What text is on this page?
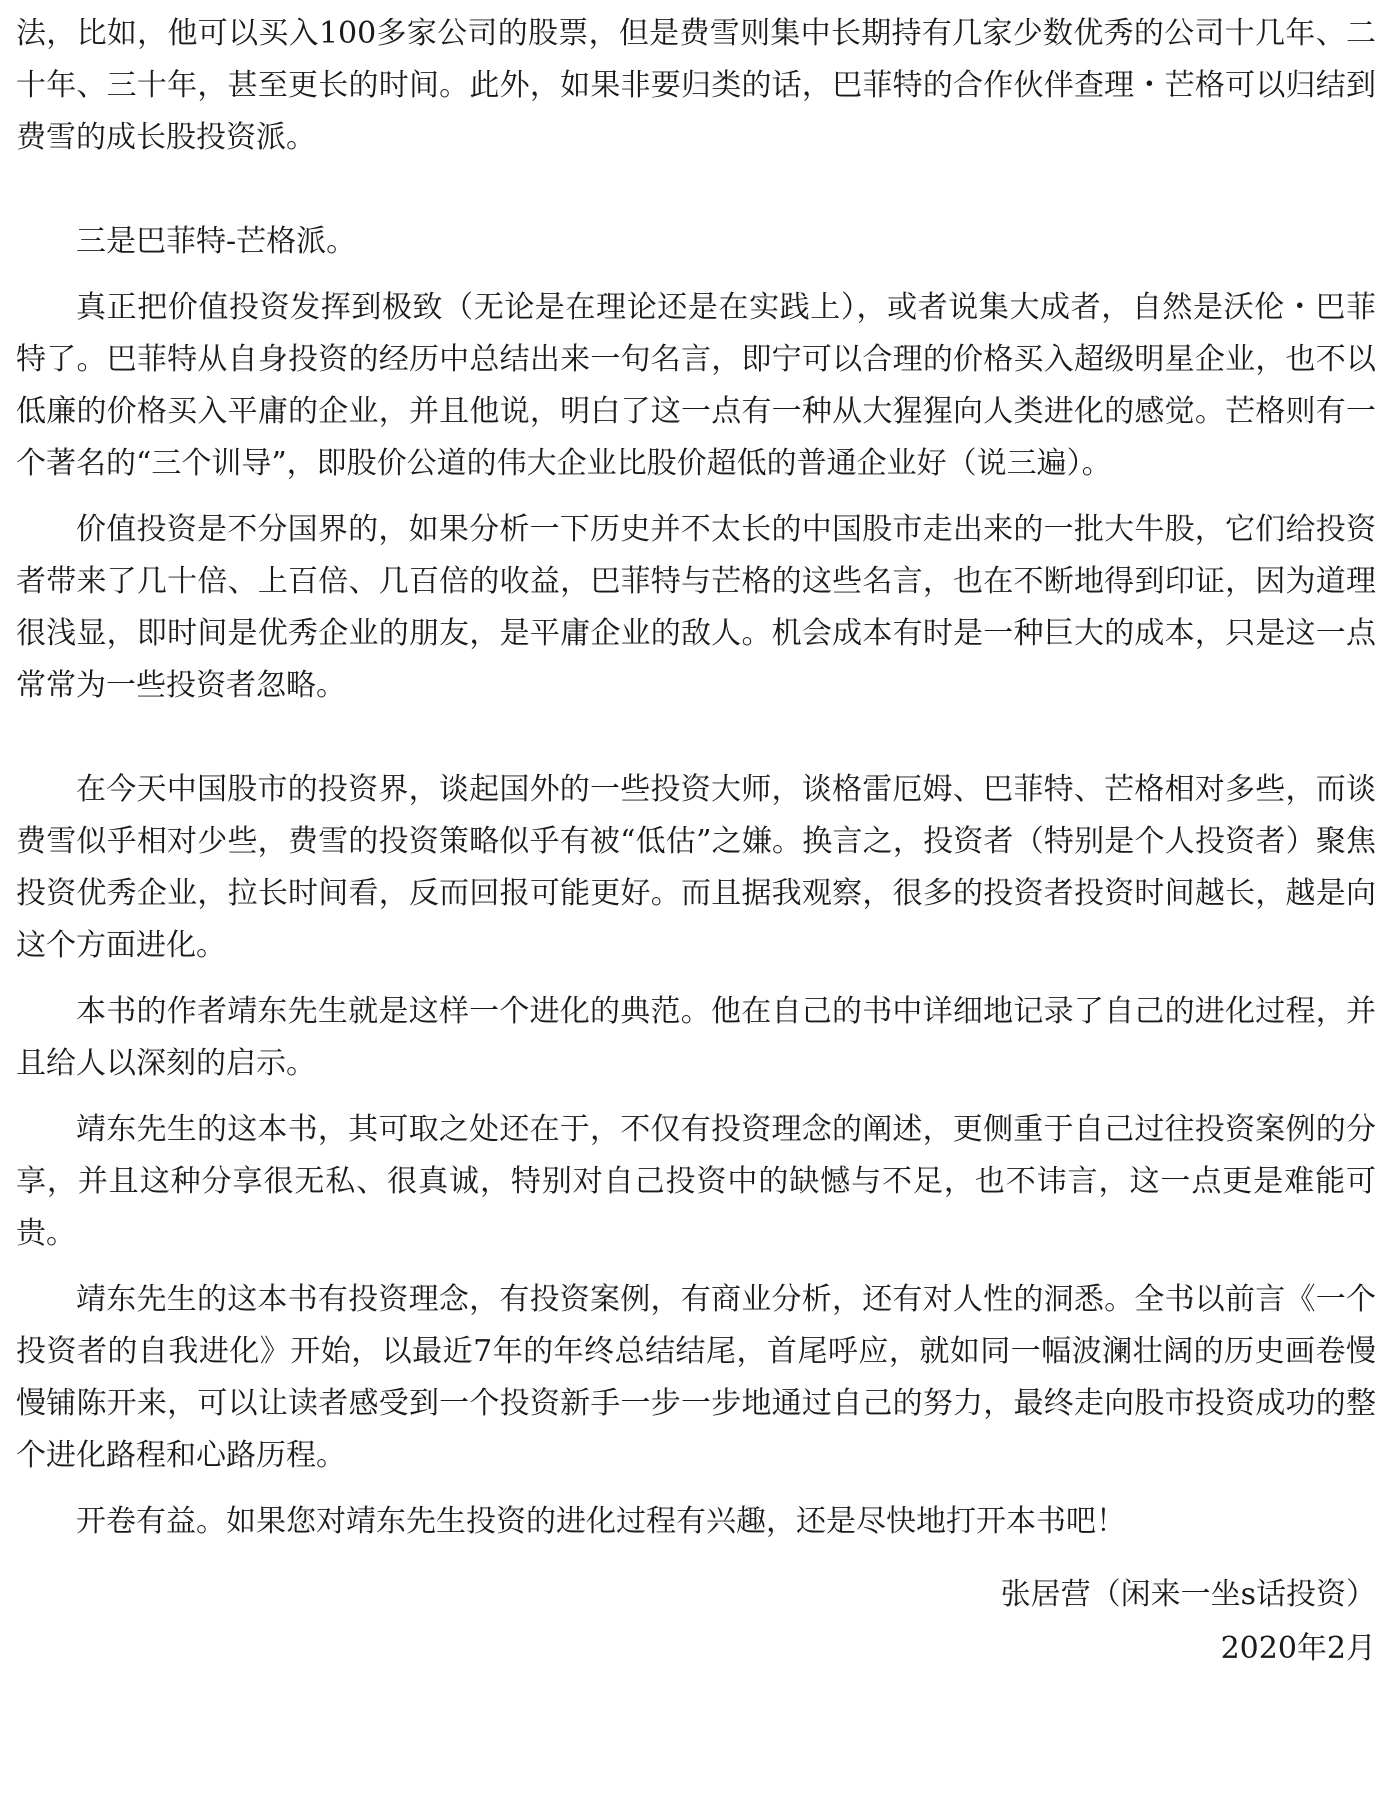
法，比如，他可以买入100多家公司的股票，但是费雪则集中长期持有几家少数优秀的公司十几年、二十年、三十年，甚至更长的时间。此外，如果非要归类的话，巴菲特的合作伙伴查理・芒格可以归结到费雪的成长股投资派。

三是巴菲特-芒格派。

真正把价值投资发挥到极致（无论是在理论还是在实践上），或者说集大成者，自然是沃伦・巴菲特了。巴菲特从自身投资的经历中总结出来一句名言，即宁可以合理的价格买入超级明星企业，也不以低廉的价格买入平庸的企业，并且他说，明白了这一点有一种从大猩猩向人类进化的感觉。芒格则有一个著名的“三个训导”，即股价公道的伟大企业比股价超低的普通企业好（说三遍）。

价值投资是不分国界的，如果分析一下历史并不太长的中国股市走出来的一批大牛股，它们给投资者带来了几十倍、上百倍、几百倍的收益，巴菲特与芒格的这些名言，也在不断地得到印证，因为道理很浅显，即时间是优秀企业的朋友，是平庸企业的敌人。机会成本有时是一种巨大的成本，只是这一点常常为一些投资者忽略。

在今天中国股市的投资界，谈起国外的一些投资大师，谈格雷厄姆、巴菲特、芒格相对多些，而谈费雪似乎相对少些，费雪的投资策略似乎有被“低估”之嫌。换言之，投资者（特别是个人投资者）聚焦投资优秀企业，拉长时间看，反而回报可能更好。而且据我观察，很多的投资者投资时间越长，越是向这个方面进化。

本书的作者靖东先生就是这样一个进化的典范。他在自己的书中详细地记录了自己的进化过程，并且给人以深刻的启示。

靖东先生的这本书，其可取之处还在于，不仅有投资理念的阐述，更侧重于自己过往投资案例的分享，并且这种分享很无私、很真诚，特别对自己投资中的缺憾与不足，也不讳言，这一点更是难能可贵。

靖东先生的这本书有投资理念，有投资案例，有商业分析，还有对人性的洞悉。全书以前言《一个投资者的自我进化》开始，以最近7年的年终总结结尾，首尾呼应，就如同一幅波澜壮阔的历史画卷慢慢铺陈开来，可以让读者感受到一个投资新手一步一步地通过自己的努力，最终走向股市投资成功的整个进化路程和心路历程。

开卷有益。如果您对靖东先生投资的进化过程有兴趣，还是尽快地打开本书吧！

张居营（闲来一坐s话投资）
2020年2月
